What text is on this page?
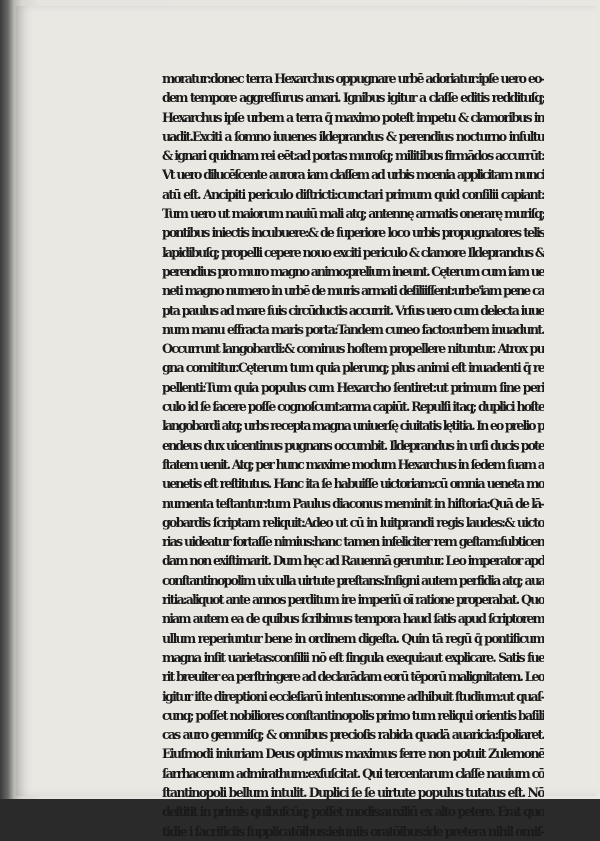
moratur:donec terra Hexarchus oppugnare urbē adoriatur:ipſe uero eo-
dem tempore aggreſſurus amari. Ignibus igitur a claſſe editis reddituſq;
Hexarchus ipſe urbem a terra q̄ maximo poteſt impetu & clamoribus in
uadit.Exciti a ſomno iuuenes ildeprandus & perendius nocturno inſultu
& ignari quidnam rei eēt:ad portas muroſq; militibus firmādos accurrūt:
Vt uero dilucēſcente aurora iam claſſem ad urbis mœnia applicitam nunci
atū eſt. Ancipiti periculo diſtricti:cunctari primum quid conſilii capiant:
Tum uero ut maiorum nauiū mali atq; antennę armatis onerarę muriſq;
pontibus iniectis incubuere:& de ſuperiore loco urbis propugnatores telis
lapidibuſq; propelli cepere nouo exciti periculo & clamore Ildeprandus &
perendius pro muro magno animo:prelium ineunt. Cęterum cum iam ue
neti magno numero in urbē de muris armati deſiliiſſent:urbe'iam pene ca
pta paulus ad mare ſuis circūductis accurrit. Vrſus uero cum delecta iuue
num manu effracta maris porta:Tandem cuneo facto:urbem inuadunt.
Occurrunt langobardi:& cominus hoſtem propellere nituntur. Atrox pu
gna comititur.Cęterum tum quia plerunq; plus animi eſt inuadenti q̄ re
pellenti:Tum quia populus cum Hexarcho ſentiret:ut primum ſine peri
culo id ſe facere poſſe cognoſcunt:arma capiūt. Repulſi itaq; duplici hoſte
langobardi atq; urbs recepta magna uniuerſę ciuitatis lętitia. In eo prelio p
endeus dux uicentinus pugnans occumbit. Ildeprandus in urſi ducis pote
ſtatem uenit. Atq; per hunc maxime modum Hexarchus in ſedem ſuam a
uenetis eſt reſtitutus. Hanc ita ſe habuiſſe uictoriam:cū omnia ueneta mo
numenta teſtantur:tum Paulus diaconus meminit in hiſtoria:Quā de lā-
gobardis ſcriptam reliquit:Adeo ut cū in luitprandi regis laudes:& uicto
rias uideatur fortaſſe nimius:hanc tamen infeliciter rem geſtam:ſubticen
dam non exiſtimarit. Dum hęc ad Rauennā geruntur. Leo imperator apd
conſtantinopolim uix ulla uirtute preſtans:Inſigni autem perfidia atq; aua
ritia:aliquot ante annos perditum ire imperiū oī ratione properabat. Quo
niam autem ea de quibus ſcribimus tempora haud ſatis apud ſcriptorem
ullum reperiuntur bene in ordinem digeſta. Quin tā regū q̄ pontificum
magna inſit uarietas:conſilii nō eſt ſingula exequi:aut explicare. Satis fue
rit breuiter ea perſtringere ad declarādam eorū tēporū malignitatem. Leo
igitur iſte direptioni eccleſiarū intentus:omne adhibuit ſtudium:ut quaſ-
cunq; poſſet nobiliores conſtantinopolis primo tum reliqui orientis baſili
cas auro gemmiſq; & omnibus precioſis rabida quadā auaricia:ſpoliaret.
Eiuſmodi iniuriam Deus optimus maximus ferre non potuit Zulemonē
ſarrhacenum admirathum:exſuſcitat. Qui tercentarum claſſe nauium cō
ſtantinopoli bellum intulit. Duplici ſe ſe uirtute populus tutatus eſt. Nō
deſtitit in primis quibuſcūq; poſſet modis:auxiliū ex alto petere. Erat quo
tidie i ſacrificiis ſupplicatōibus:ieiuniis oratōibus:ide pretera nihil omiſ-
